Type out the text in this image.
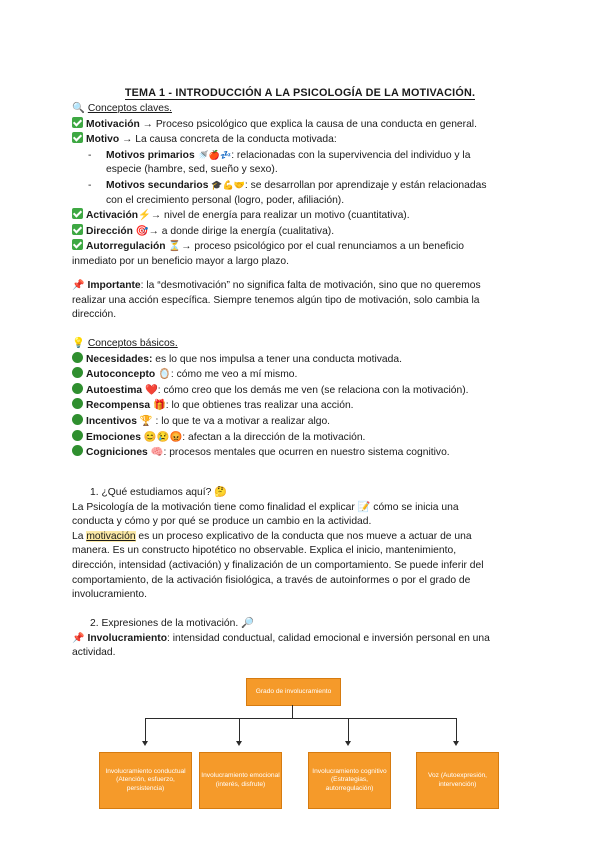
TEMA 1 - INTRODUCCIÓN A LA PSICOLOGÍA DE LA MOTIVACIÓN.
🔍 Conceptos claves.
Motivación → Proceso psicológico que explica la causa de una conducta en general.
Motivo → La causa concreta de la conducta motivada:
- Motivos primarios 🚿🍎💤: relacionadas con la supervivencia del individuo y la
especie (hambre, sed, sueño y sexo).
- Motivos secundarios 🎓💪🤝: se desarrollan por aprendizaje y están relacionadas
con el crecimiento personal (logro, poder, afiliación).
Activación⚡→ nivel de energía para realizar un motivo (cuantitativa).
Dirección 🎯→ a donde dirige la energía (cualitativa).
Autorregulación ⏳→ proceso psicológico por el cual renunciamos a un beneficio
inmediato por un beneficio mayor a largo plazo.
📌 Importante: la “desmotivación” no significa falta de motivación, sino que no queremos
realizar una acción específica. Siempre tenemos algún tipo de motivación, solo cambia la
dirección.
💡 Conceptos básicos.
Necesidades: es lo que nos impulsa a tener una conducta motivada.
Autoconcepto 🪞: cómo me veo a mí mismo.
Autoestima ❤️: cómo creo que los demás me ven (se relaciona con la motivación).
Recompensa 🎁: lo que obtienes tras realizar una acción.
Incentivos 🏆 : lo que te va a motivar a realizar algo.
Emociones 😊😢😡: afectan a la dirección de la motivación.
Cogniciones 🧠: procesos mentales que ocurren en nuestro sistema cognitivo.
1. ¿Qué estudiamos aquí? 🤔
La Psicología de la motivación tiene como finalidad el explicar 📝 cómo se inicia una
conducta y cómo y por qué se produce un cambio en la actividad.
La motivación es un proceso explicativo de la conducta que nos mueve a actuar de una
manera. Es un constructo hipotético no observable. Explica el inicio, mantenimiento,
dirección, intensidad (activación) y finalización de un comportamiento. Se puede inferir del
comportamiento, de la activación fisiológica, a través de autoinformes o por el grado de
involucramiento.
2. Expresiones de la motivación. 🔎
📌 Involucramiento: intensidad conductual, calidad emocional e inversión personal en una
actividad.
Grado de involucramiento
Involucramiento conductual (Atención, esfuerzo, persistencia)
Involucramiento emocional (interés, disfrute)
Involucramiento cognitivo (Estrategias, autorregulación)
Voz (Autoexpresión, intervención)
